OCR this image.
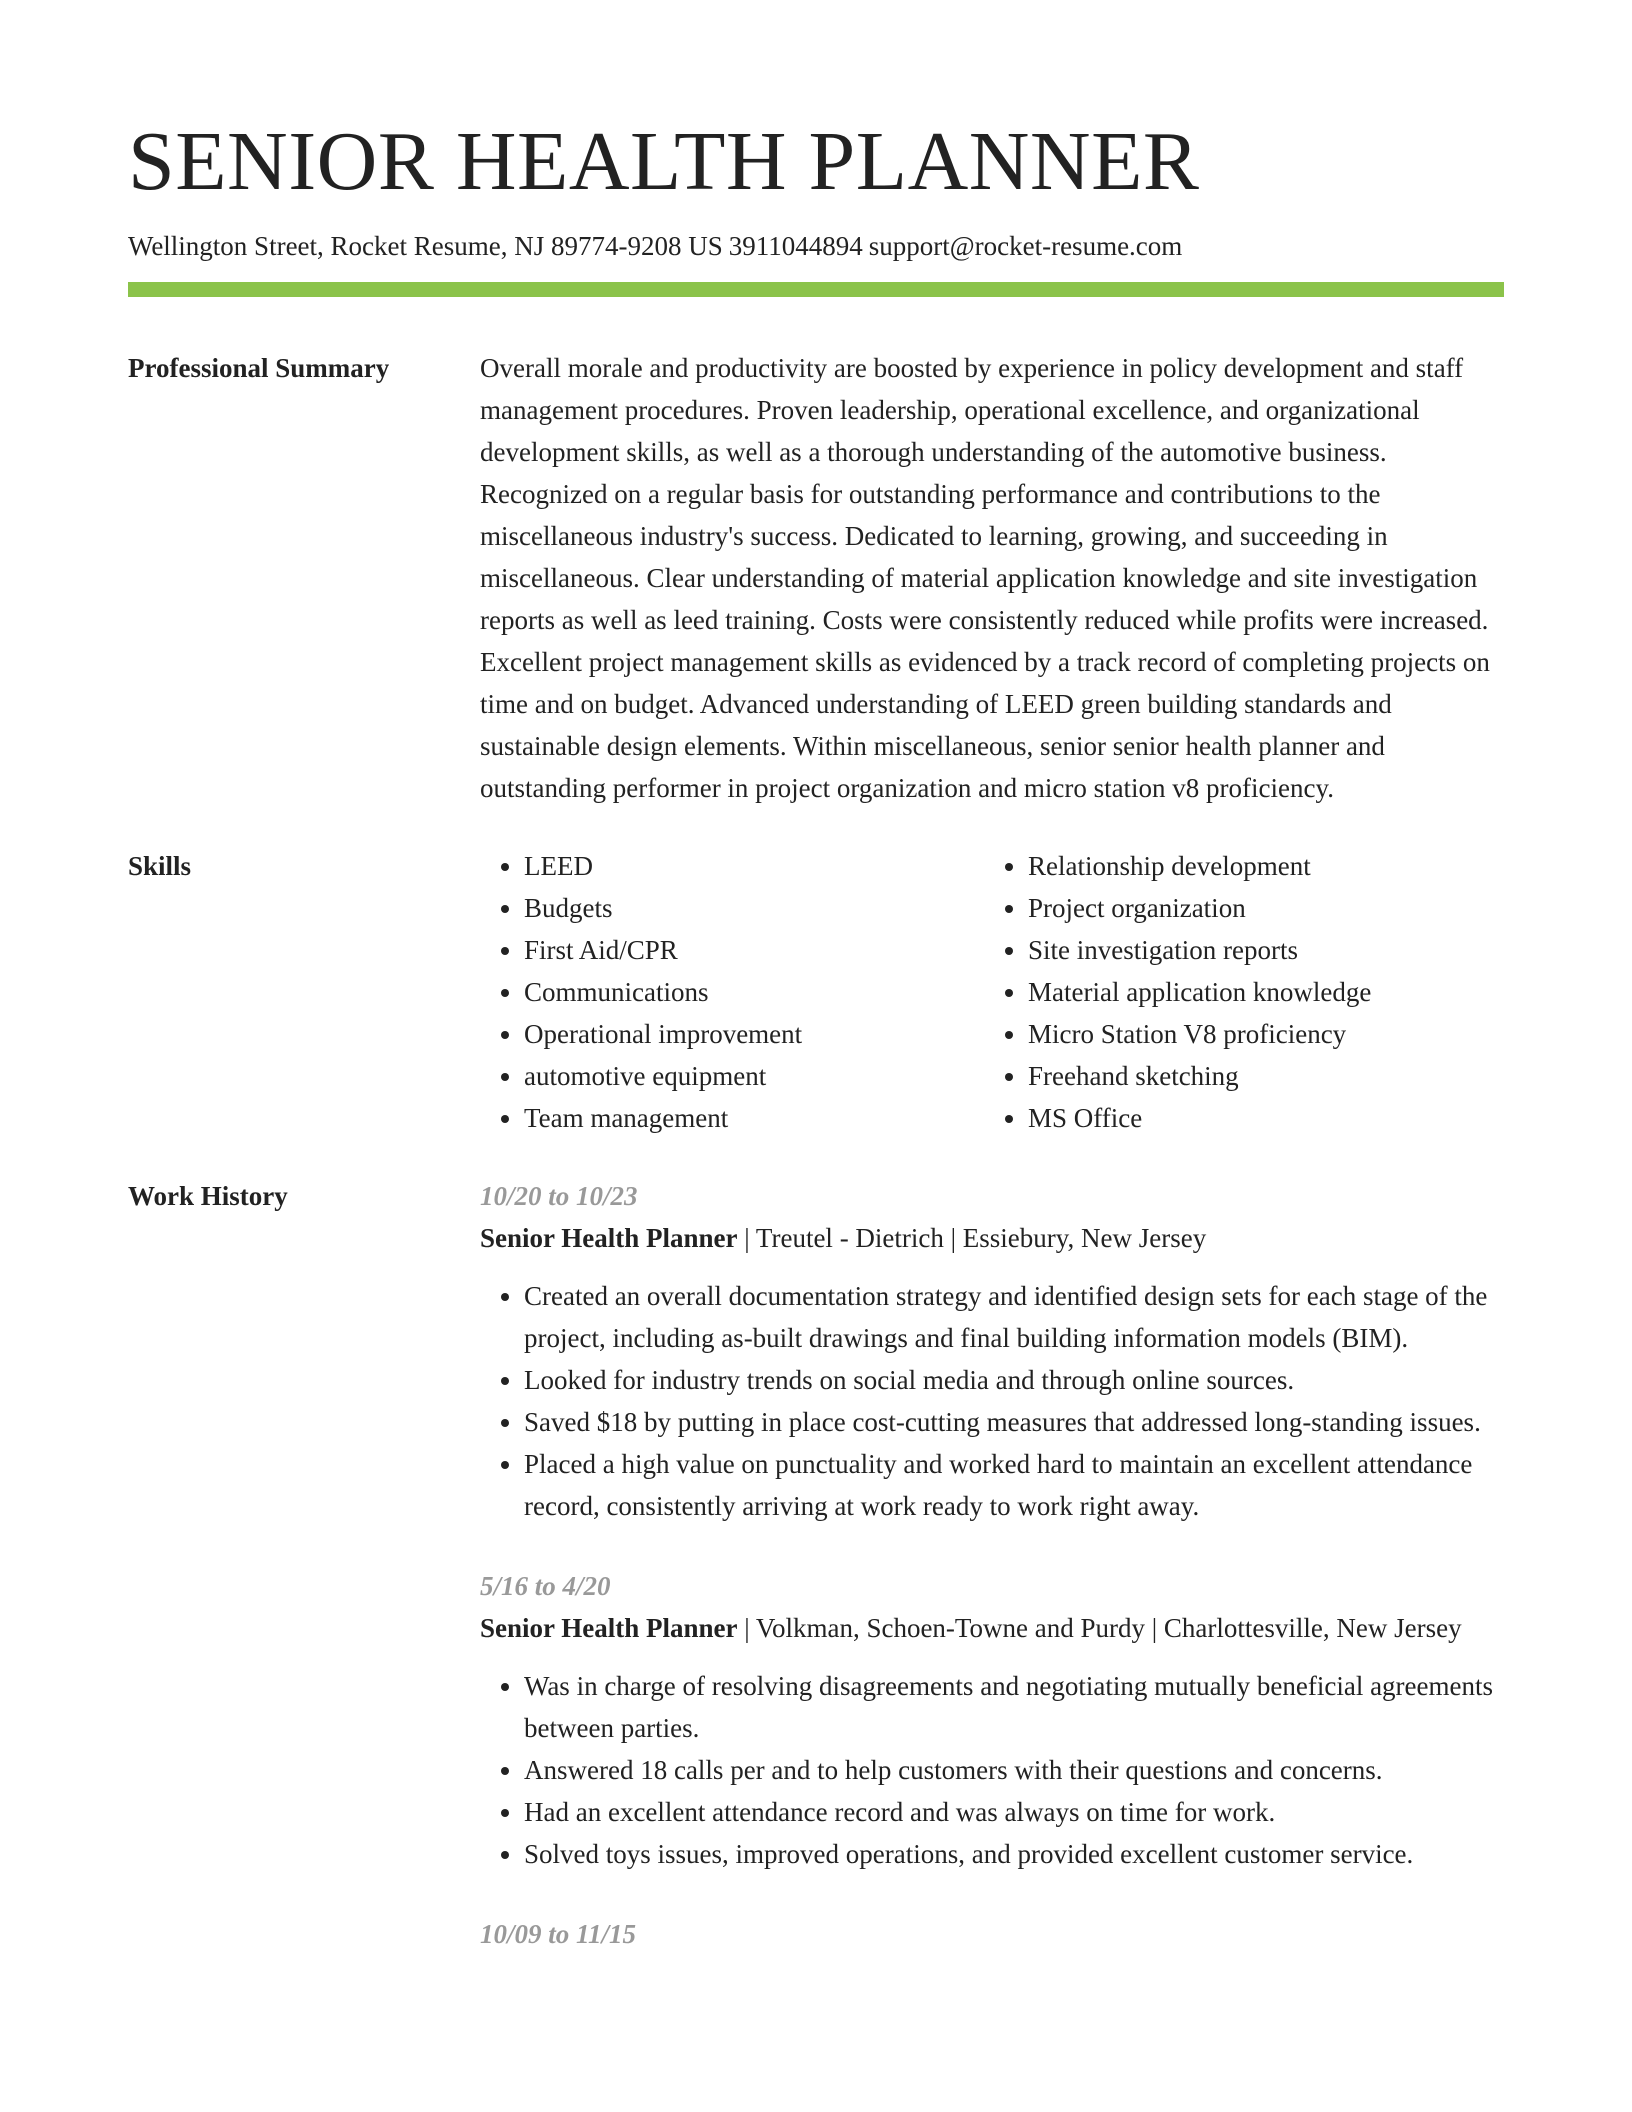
SENIOR HEALTH PLANNER
Wellington Street, Rocket Resume, NJ 89774-9208 US 3911044894 support@rocket-resume.com
Professional Summary	Overall morale and productivity are boosted by experience in policy development and staff management procedures. Proven leadership, operational excellence, and organizational development skills, as well as a thorough understanding of the automotive business. Recognized on a regular basis for outstanding performance and contributions to the miscellaneous industry's success. Dedicated to learning, growing, and succeeding in miscellaneous. Clear understanding of material application knowledge and site investigation reports as well as leed training. Costs were consistently reduced while profits were increased. Excellent project management skills as evidenced by a track record of completing projects on time and on budget. Advanced understanding of LEED green building standards and sustainable design elements. Within miscellaneous, senior senior health planner and outstanding performer in project organization and micro station v8 proficiency.

Skills
•	LEED
• Budgets
• First Aid/CPR
• Communications
• Operational improvement
• automotive equipment
• Team management
• Relationship development
• Project organization
• Site investigation reports
• Material application knowledge
• Micro Station V8 proficiency
• Freehand sketching
• MS Office
Work History	10/20 to 10/23
Senior Health Planner | Treutel - Dietrich | Essiebury, New Jersey
• Created an overall documentation strategy and identified design sets for each stage of the project, including as-built drawings and final building information models (BIM).
• Looked for industry trends on social media and through online sources.
• Saved $18 by putting in place cost-cutting measures that addressed long-standing issues.
• Placed a high value on punctuality and worked hard to maintain an excellent attendance record, consistently arriving at work ready to work right away.
5/16 to 4/20
Senior Health Planner | Volkman, Schoen-Towne and Purdy | Charlottesville, New Jersey
• Was in charge of resolving disagreements and negotiating mutually beneficial agreements between parties.
• Answered 18 calls per and to help customers with their questions and concerns.
• Had an excellent attendance record and was always on time for work.
• Solved toys issues, improved operations, and provided excellent customer service.
10/09 to 11/15
